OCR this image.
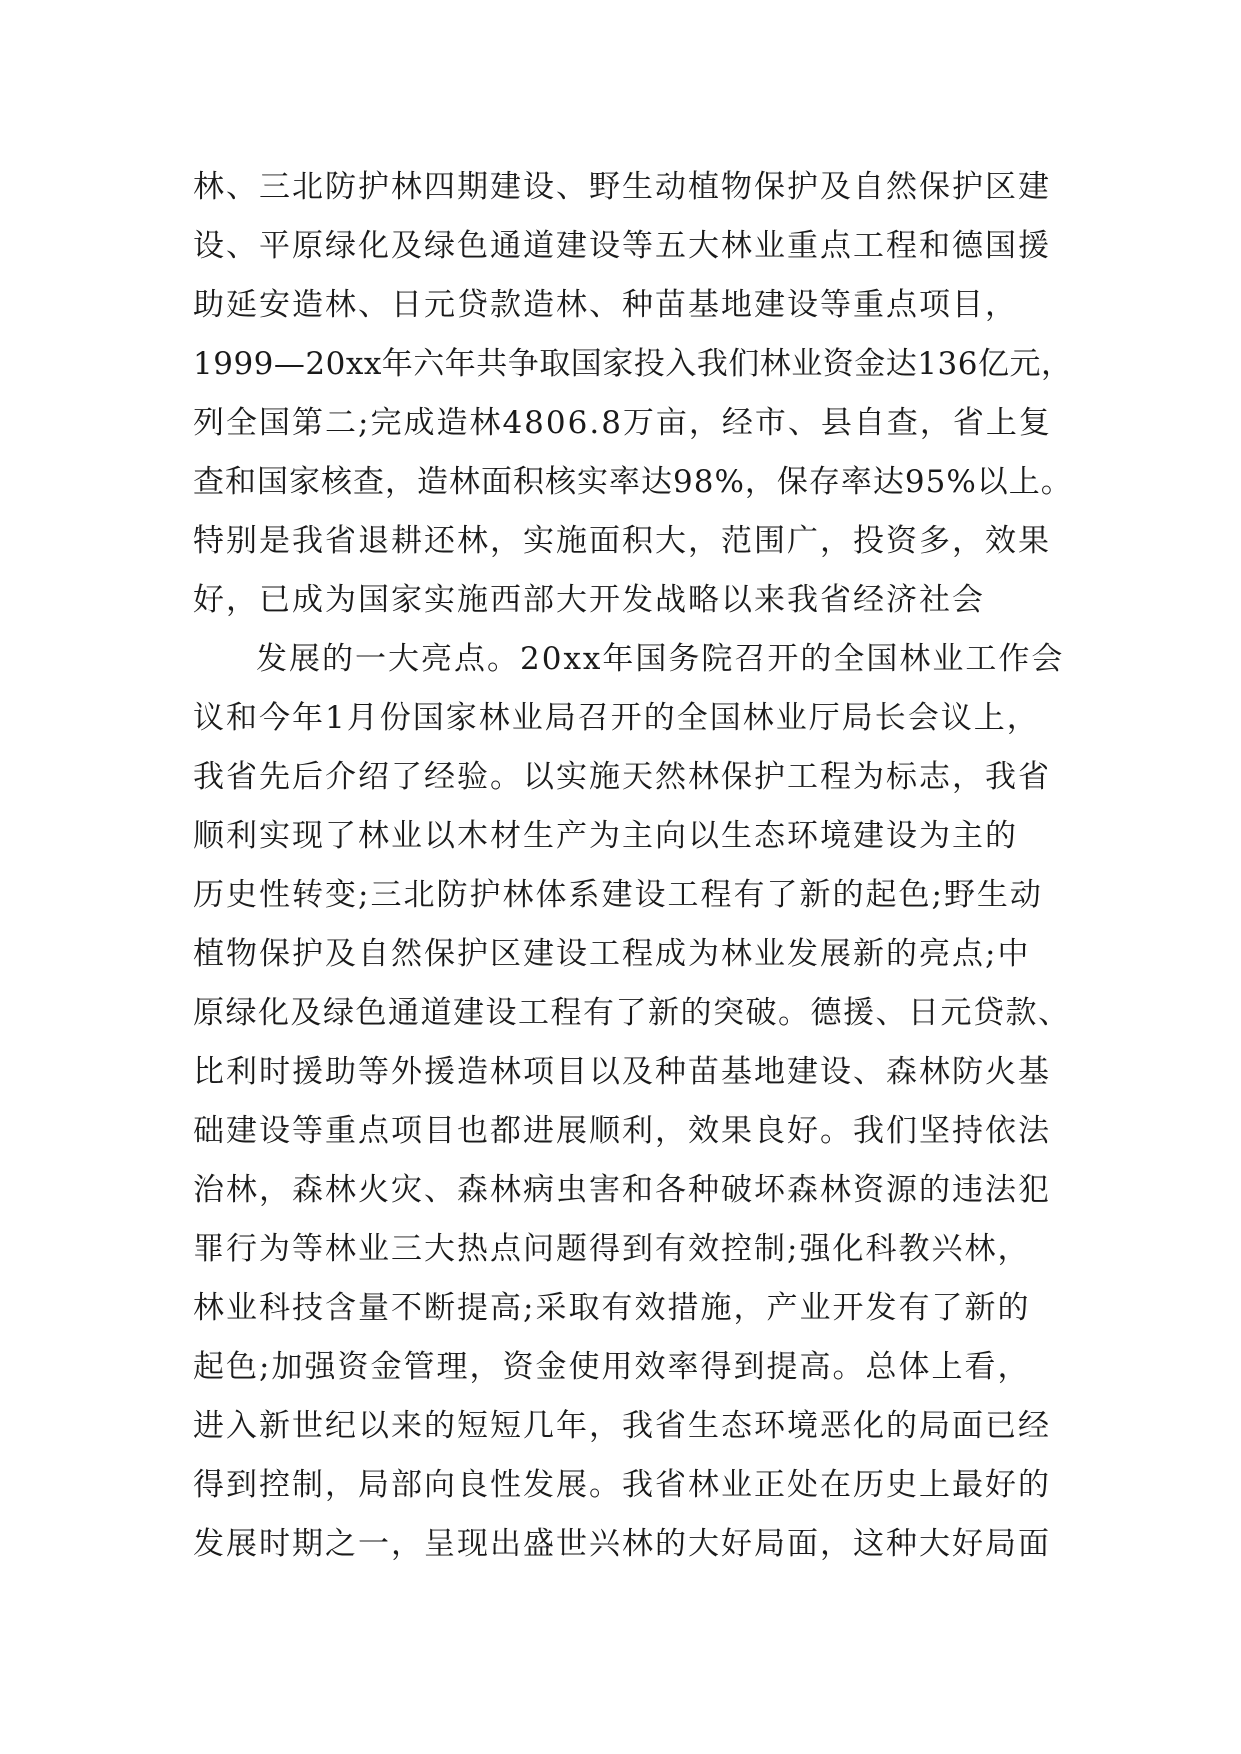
林、三北防护林四期建设、野生动植物保护及自然保护区建
设、平原绿化及绿色通道建设等五大林业重点工程和德国援
助延安造林、日元贷款造林、种苗基地建设等重点项目，
1999—20xx年六年共争取国家投入我们林业资金达136亿元，
列全国第二;完成造林4806.8万亩，经市、县自查，省上复
查和国家核查，造林面积核实率达98%，保存率达95%以上。
特别是我省退耕还林，实施面积大，范围广，投资多，效果
好，已成为国家实施西部大开发战略以来我省经济社会
发展的一大亮点。20xx年国务院召开的全国林业工作会
议和今年1月份国家林业局召开的全国林业厅局长会议上，
我省先后介绍了经验。以实施天然林保护工程为标志，我省
顺利实现了林业以木材生产为主向以生态环境建设为主的
历史性转变;三北防护林体系建设工程有了新的起色;野生动
植物保护及自然保护区建设工程成为林业发展新的亮点;中
原绿化及绿色通道建设工程有了新的突破。德援、日元贷款、
比利时援助等外援造林项目以及种苗基地建设、森林防火基
础建设等重点项目也都进展顺利，效果良好。我们坚持依法
治林，森林火灾、森林病虫害和各种破坏森林资源的违法犯
罪行为等林业三大热点问题得到有效控制;强化科教兴林，
林业科技含量不断提高;采取有效措施，产业开发有了新的
起色;加强资金管理，资金使用效率得到提高。总体上看，
进入新世纪以来的短短几年，我省生态环境恶化的局面已经
得到控制，局部向良性发展。我省林业正处在历史上最好的
发展时期之一，呈现出盛世兴林的大好局面，这种大好局面
